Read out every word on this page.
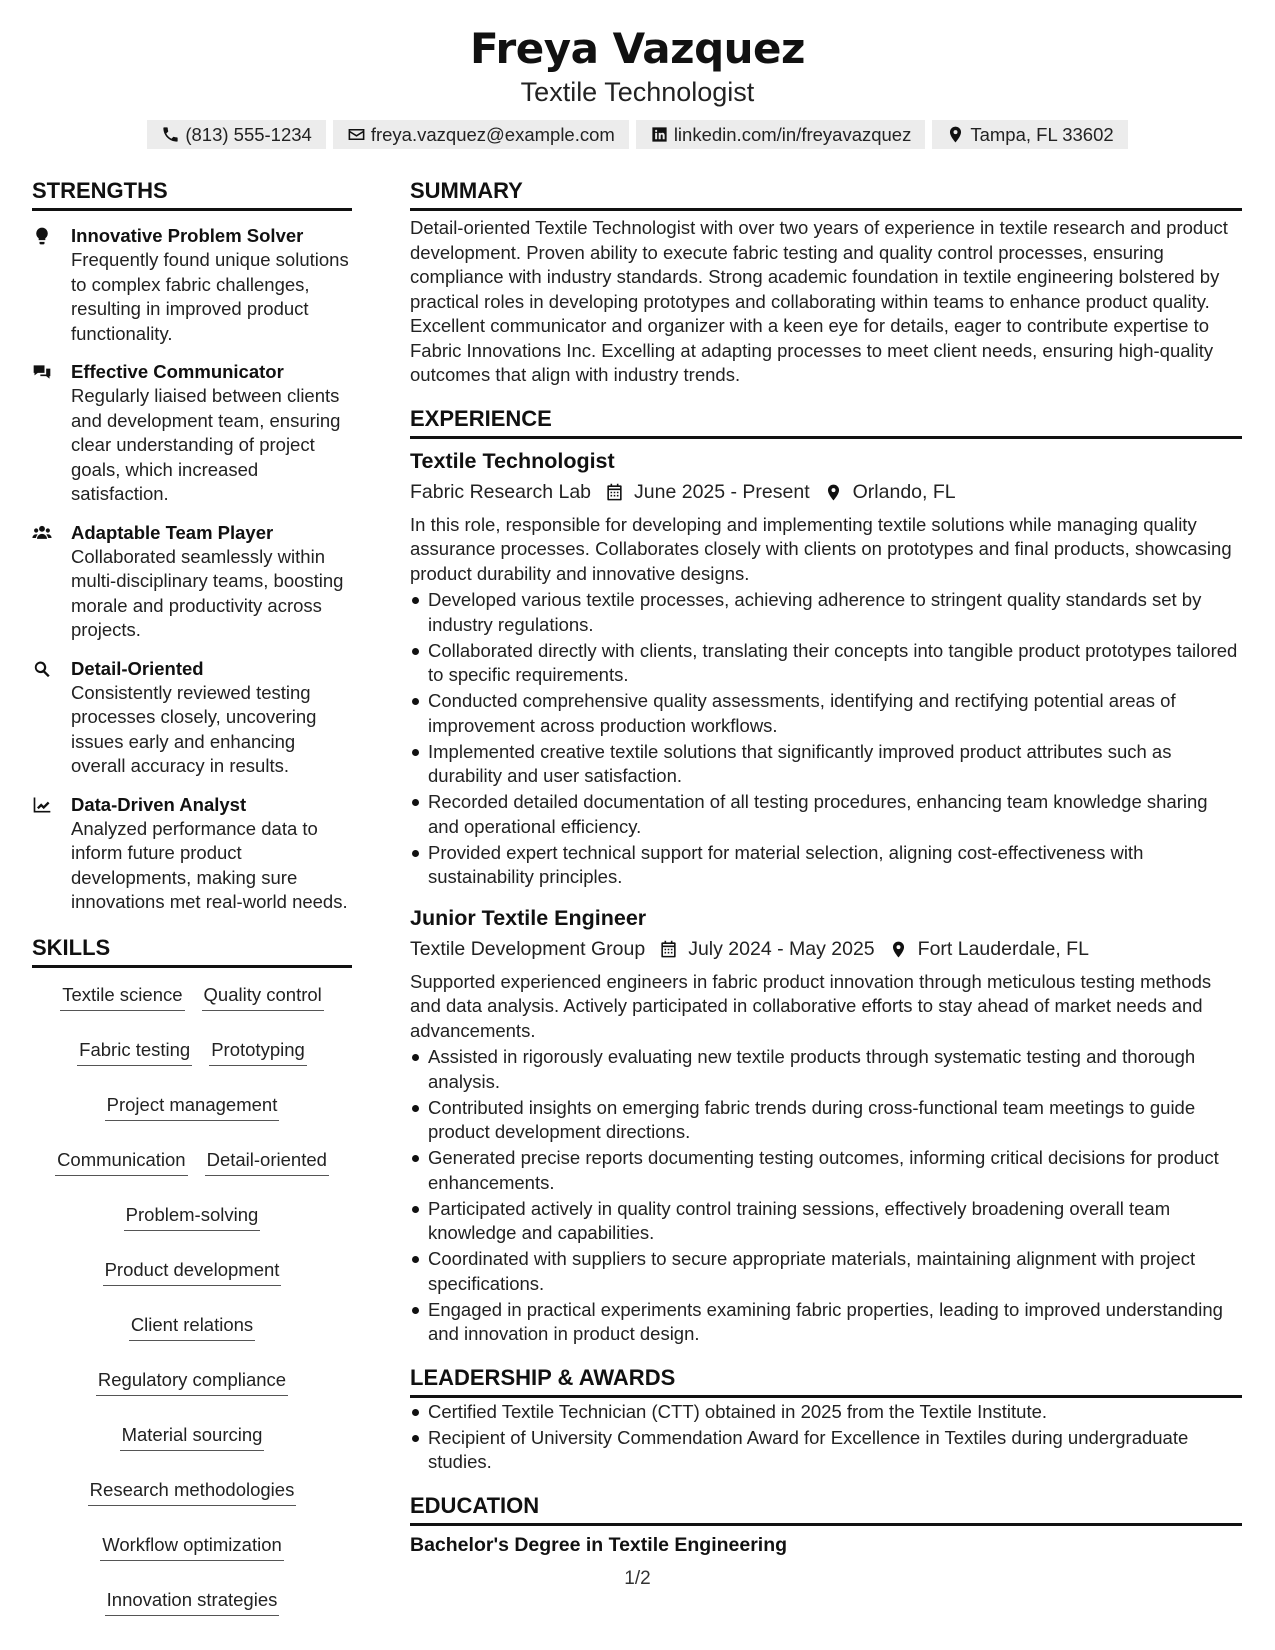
Freya Vazquez
Textile Technologist
(813) 555-1234	freya.vazquez@example.com	linkedin.com/in/freyavazquez	Tampa, FL 33602
STRENGTHS
Innovative Problem Solver
Frequently found unique solutions to complex fabric challenges, resulting in improved product functionality.
Effective Communicator
Regularly liaised between clients and development team, ensuring clear understanding of project goals, which increased satisfaction.
Adaptable Team Player
Collaborated seamlessly within multi-disciplinary teams, boosting morale and productivity across projects.
Detail-Oriented
Consistently reviewed testing processes closely, uncovering issues early and enhancing overall accuracy in results.
Data-Driven Analyst
Analyzed performance data to inform future product developments, making sure innovations met real-world needs.
SKILLS
Textile science Quality control
Fabric testing Prototyping
Project management
Communication Detail-oriented
Problem-solving
Product development
Client relations
Regulatory compliance
Material sourcing
Research methodologies
Workflow optimization
Innovation strategies
SUMMARY
Detail-oriented Textile Technologist with over two years of experience in textile research and product development. Proven ability to execute fabric testing and quality control processes, ensuring compliance with industry standards. Strong academic foundation in textile engineering bolstered by practical roles in developing prototypes and collaborating within teams to enhance product quality. Excellent communicator and organizer with a keen eye for details, eager to contribute expertise to Fabric Innovations Inc. Excelling at adapting processes to meet client needs, ensuring high-quality outcomes that align with industry trends.
EXPERIENCE
Textile Technologist
Fabric Research Lab June 2025 - Present Orlando, FL
In this role, responsible for developing and implementing textile solutions while managing quality assurance processes. Collaborates closely with clients on prototypes and final products, showcasing product durability and innovative designs.
Developed various textile processes, achieving adherence to stringent quality standards set by industry regulations.
Collaborated directly with clients, translating their concepts into tangible product prototypes tailored to specific requirements.
Conducted comprehensive quality assessments, identifying and rectifying potential areas of improvement across production workflows.
Implemented creative textile solutions that significantly improved product attributes such as durability and user satisfaction.
Recorded detailed documentation of all testing procedures, enhancing team knowledge sharing and operational efficiency.
Provided expert technical support for material selection, aligning cost-effectiveness with sustainability principles.
Junior Textile Engineer
Textile Development Group July 2024 - May 2025 Fort Lauderdale, FL
Supported experienced engineers in fabric product innovation through meticulous testing methods and data analysis. Actively participated in collaborative efforts to stay ahead of market needs and advancements.
Assisted in rigorously evaluating new textile products through systematic testing and thorough analysis.
Contributed insights on emerging fabric trends during cross-functional team meetings to guide product development directions.
Generated precise reports documenting testing outcomes, informing critical decisions for product enhancements.
Participated actively in quality control training sessions, effectively broadening overall team knowledge and capabilities.
Coordinated with suppliers to secure appropriate materials, maintaining alignment with project specifications.
Engaged in practical experiments examining fabric properties, leading to improved understanding and innovation in product design.
LEADERSHIP & AWARDS
Certified Textile Technician (CTT) obtained in 2025 from the Textile Institute.
Recipient of University Commendation Award for Excellence in Textiles during undergraduate studies.
EDUCATION
Bachelor's Degree in Textile Engineering
1/2
